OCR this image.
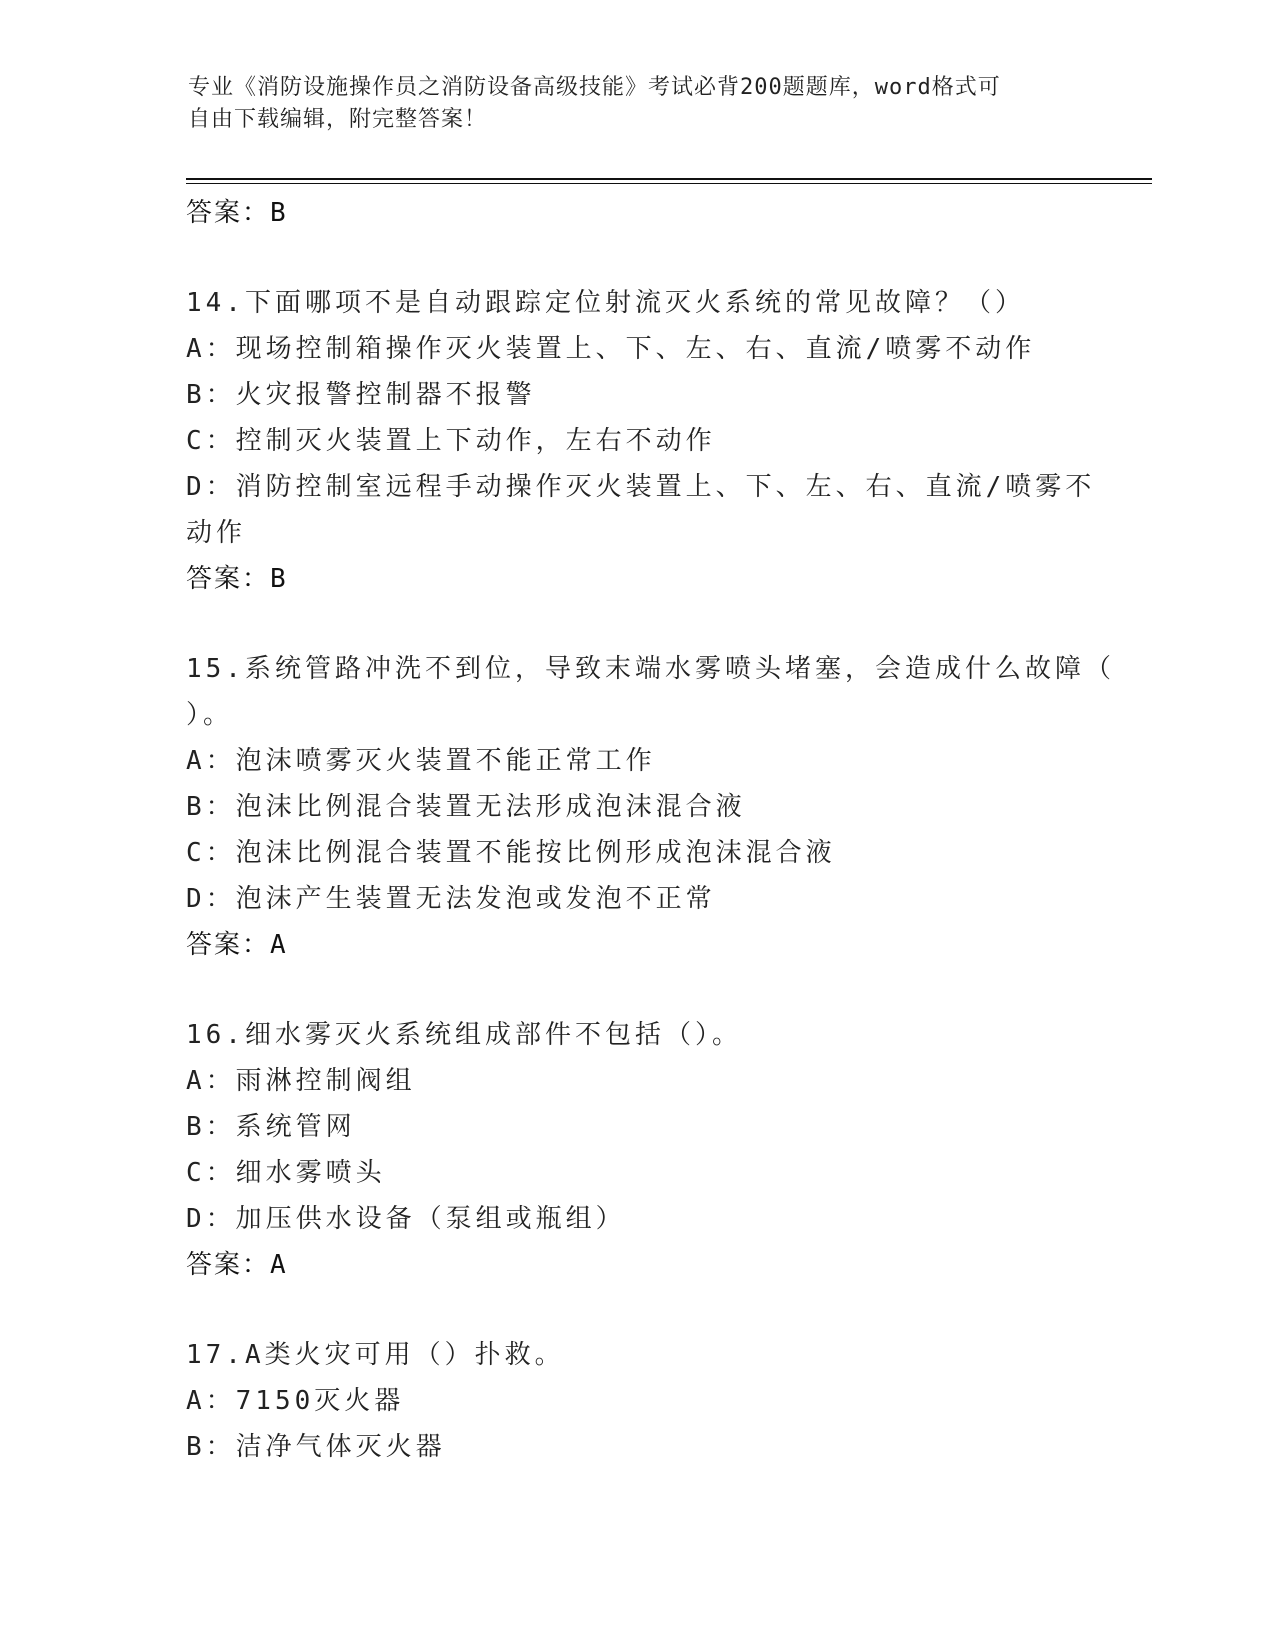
专业《消防设施操作员之消防设备高级技能》考试必背200题题库，word格式可
自由下载编辑，附完整答案！
答案：B
14.下面哪项不是自动跟踪定位射流灭火系统的常见故障？（）
A：现场控制箱操作灭火装置上、下、左、右、直流/喷雾不动作
B：火灾报警控制器不报警
C：控制灭火装置上下动作，左右不动作
D：消防控制室远程手动操作灭火装置上、下、左、右、直流/喷雾不
动作
答案：B
15.系统管路冲洗不到位，导致末端水雾喷头堵塞，会造成什么故障（
）。
A：泡沫喷雾灭火装置不能正常工作
B：泡沫比例混合装置无法形成泡沫混合液
C：泡沫比例混合装置不能按比例形成泡沫混合液
D：泡沫产生装置无法发泡或发泡不正常
答案：A
16.细水雾灭火系统组成部件不包括（）。
A：雨淋控制阀组
B：系统管网
C：细水雾喷头
D：加压供水设备（泵组或瓶组）
答案：A
17.A类火灾可用（）扑救。
A：7150灭火器
B：洁净气体灭火器
